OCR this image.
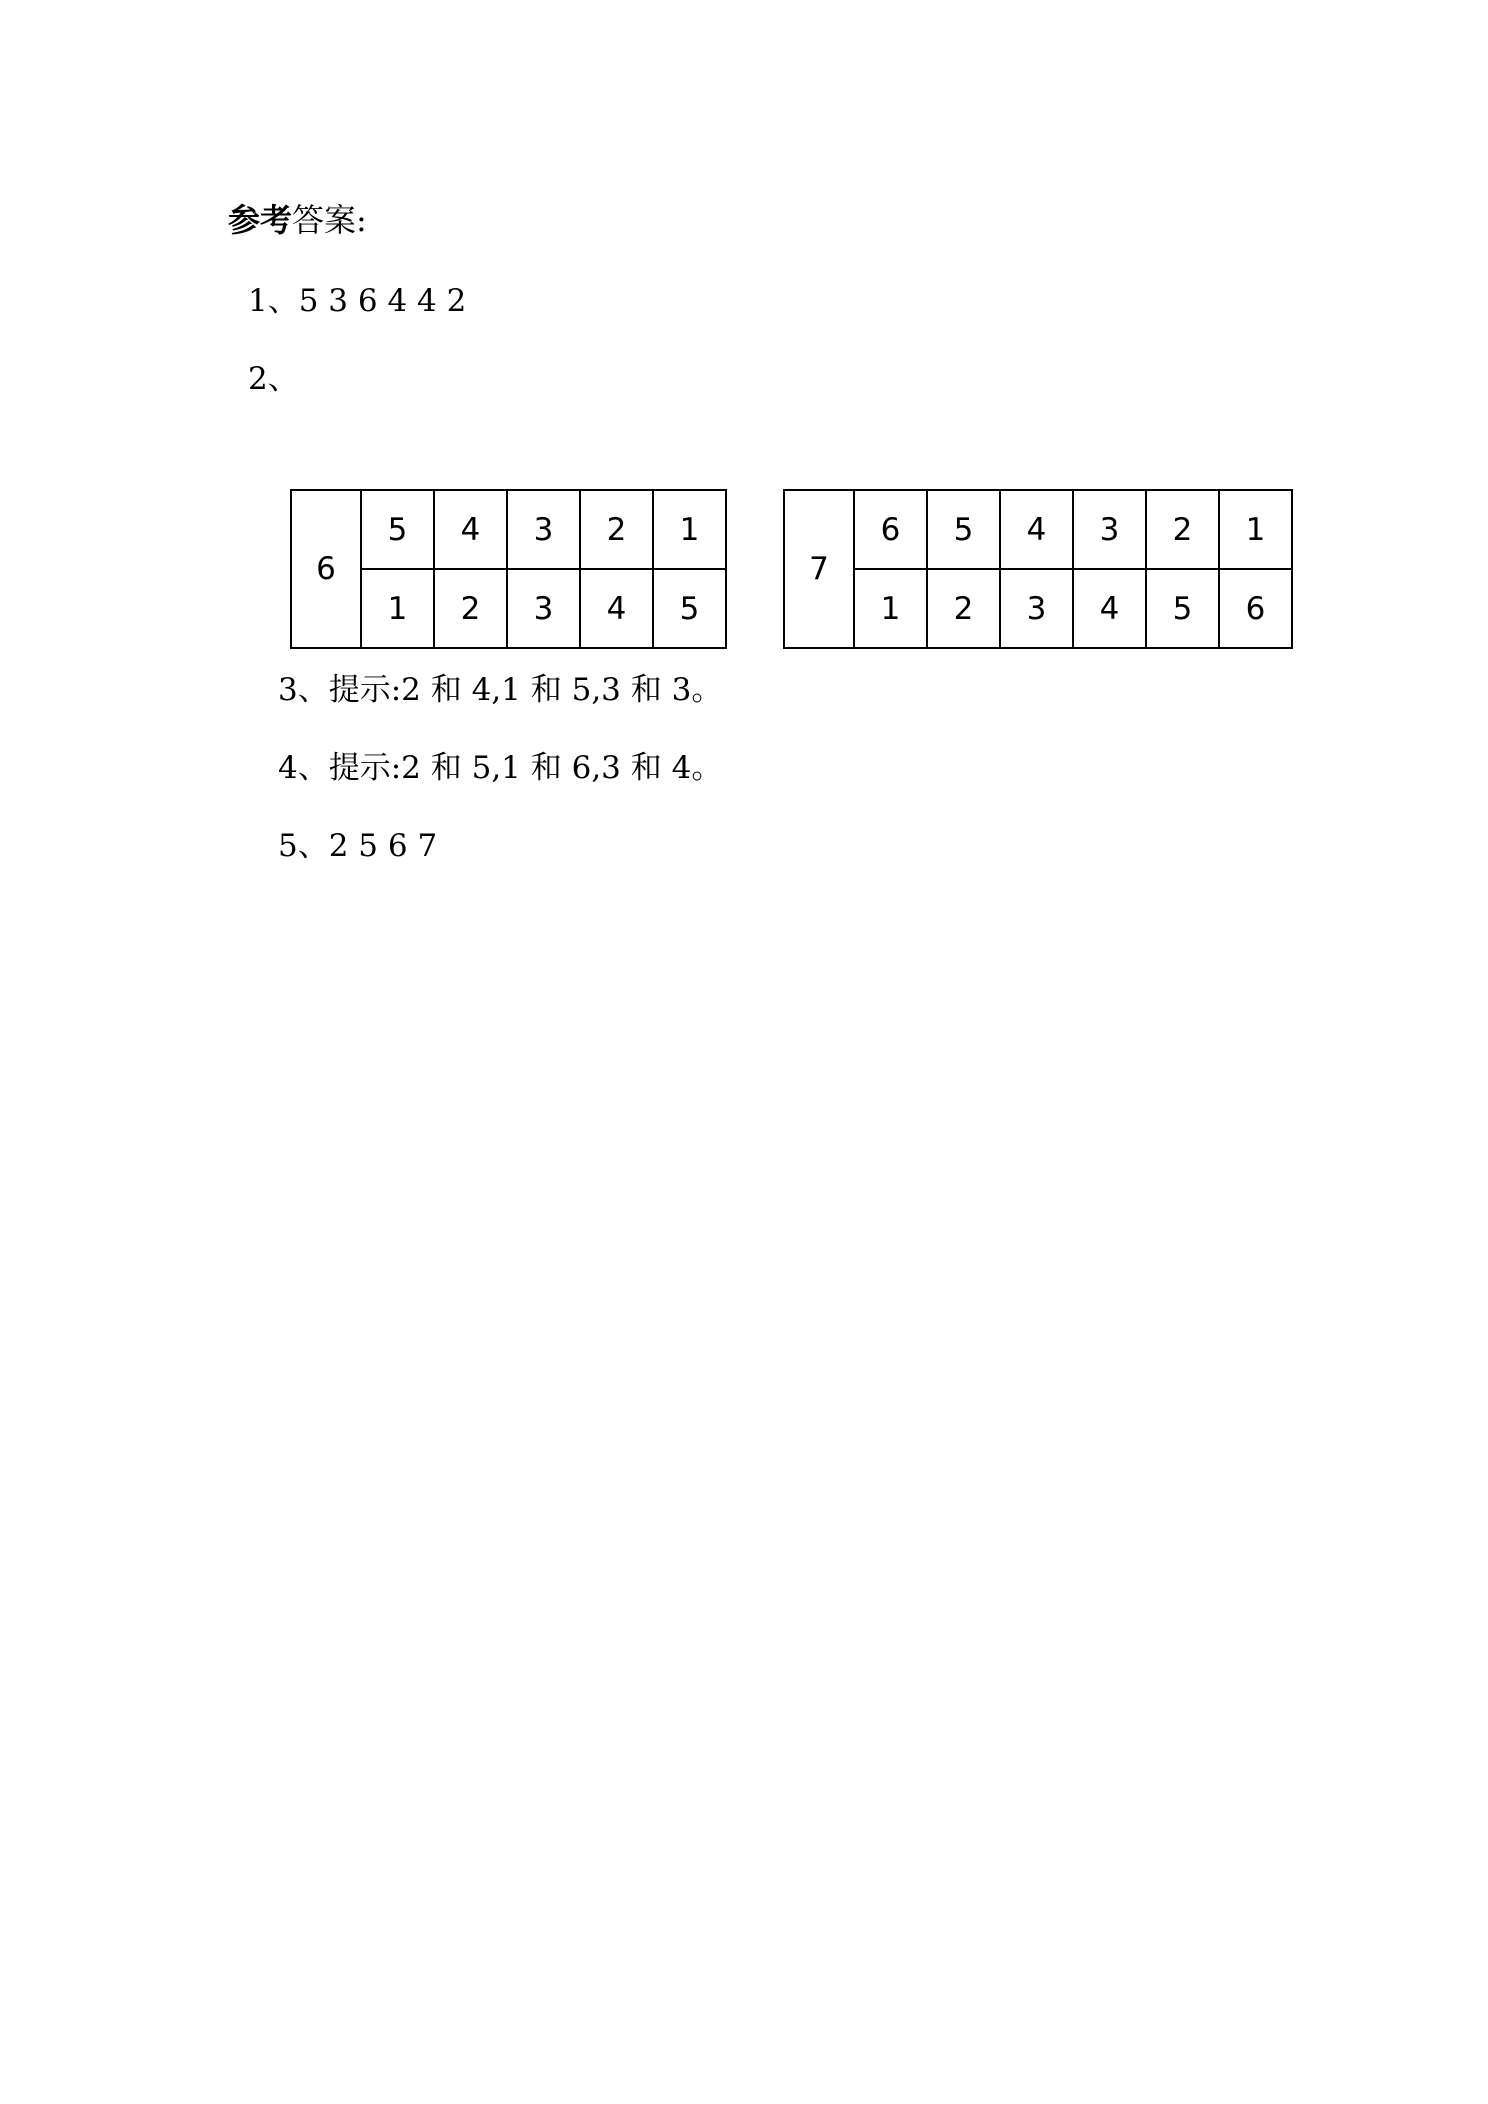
参考答案:
1、5 3 6 4 4 2
2、
6	5	4	3	2	1
	1	2	3	4	5
7	6	5	4	3	2	1
	1	2	3	4	5	6
3、提示:2 和 4,1 和 5,3 和 3。
4、提示:2 和 5,1 和 6,3 和 4。
5、2 5 6 7
